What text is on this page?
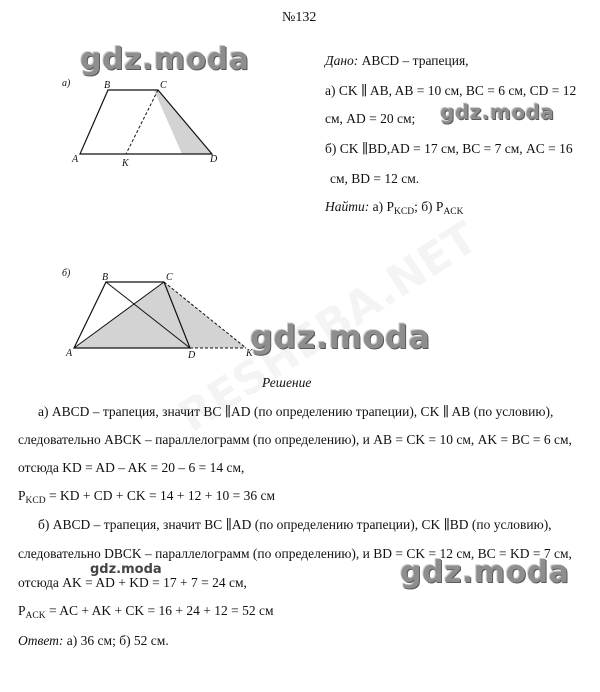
№132
Дано: ABCD – трапеция,
а) CK ∥ AB, AB = 10 см, BC = 6 см, CD = 12
см, AD = 20 см;
б) CK ∥BD,AD = 17 см, BC = 7 см, AC = 16
см, BD = 12 см.
Найти: а) $P_{KCD}$; б) $P_{ACK}$
а)	B	C
A	K	D
б)	B	C
A	D	K
gdz.moda
gdz.moda
gdz.moda
gdz.moda
gdz.moda
Решение
а) ABCD – трапеция, значит BC ∥AD (по определению трапеции), CK ∥ AB (по условию),
следовательно ABCK – параллелограмм (по определению), и AB = CK = 10 см, AK = BC = 6 см,
отсюда KD = AD – AK = 20 – 6 = 14 см,
$P_{KCD}$ = KD + CD + CK = 14 + 12 + 10 = 36 см
б) ABCD – трапеция, значит BC ∥AD (по определению трапеции), CK ∥BD (по условию),
следовательно DBCK – параллелограмм (по определению), и BD = CK = 12 см, BC = KD = 7 см,
отсюда AK = AD + KD = 17 + 7 = 24 см,
$P_{ACK}$ = AC + AK + CK = 16 + 24 + 12 = 52 см
Ответ: а) 36 см; б) 52 см.
